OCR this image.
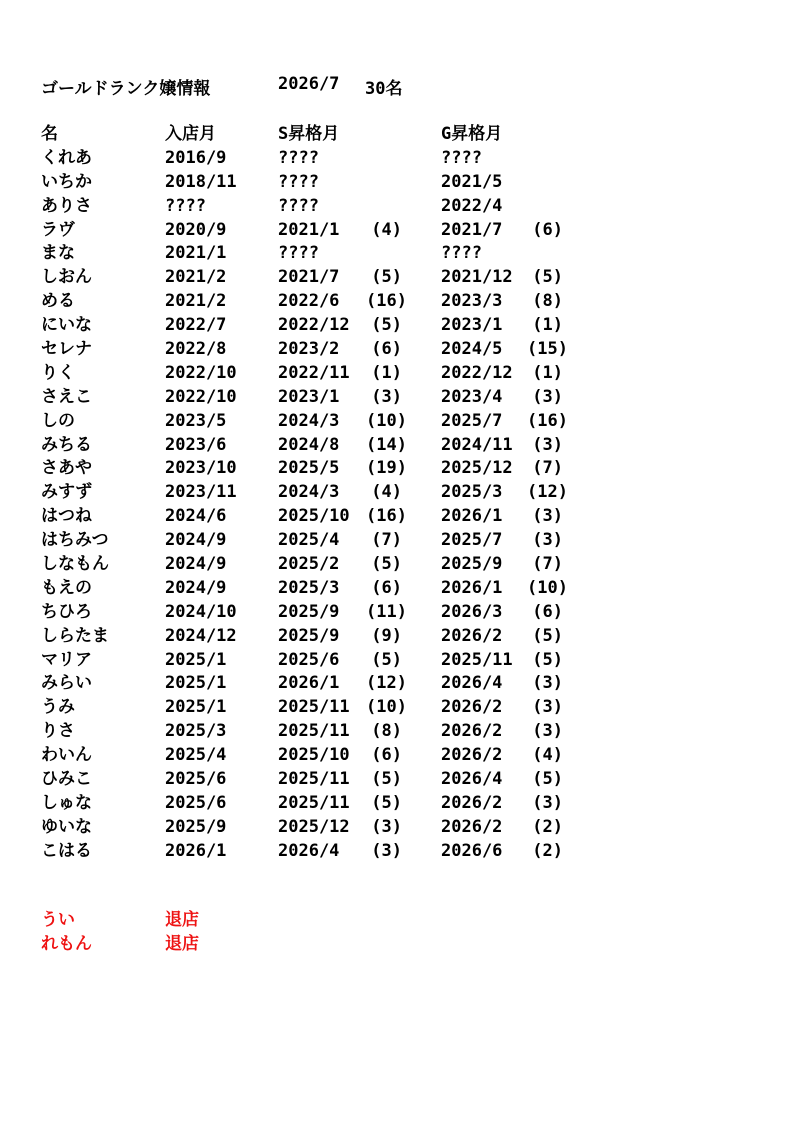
ゴールドランク嬢情報	2026/7 30名
名	入店月	S昇格月	G昇格月
くれあ	2016/9	????	????
いちか	2018/11 ????	2021/5
ありさ	????	????	2022/4
ラヴ	2020/9	2021/1	(4) 2021/7	(6)
まな	2021/1	????	????
しおん	2021/2	2021/7	(5) 2021/12	(5)
める	2021/2	2022/6 (16) 2023/3	(8)
にいな	2022/7	2022/12	(5) 2023/1	(1)
セレナ	2022/8	2023/2	(6) 2024/5 (15)
りく	2022/10 2022/11	(1) 2022/12	(1)
さえこ	2022/10 2023/1	(3) 2023/4	(3)
しの	2023/5	2024/3 (10) 2025/7 (16)
みちる	2023/6	2024/8 (14) 2024/11	(3)
さあや	2023/10 2025/5 (19) 2025/12	(7)
みすず	2023/11 2024/3	(4) 2025/3 (12)
はつね	2024/6	2025/10 (16) 2026/1	(3)
はちみつ	2024/9	2025/4	(7) 2025/7	(3)
しなもん	2024/9	2025/2	(5) 2025/9	(7)
もえの	2024/9	2025/3	(6) 2026/1 (10)
ちひろ	2024/10 2025/9 (11) 2026/3	(6)
しらたま	2024/12 2025/9	(9) 2026/2	(5)
マリア	2025/1	2025/6	(5) 2025/11	(5)
みらい	2025/1	2026/1 (12) 2026/4	(3)
うみ	2025/1	2025/11 (10) 2026/2	(3)
りさ	2025/3	2025/11	(8) 2026/2	(3)
わいん	2025/4	2025/10	(6) 2026/2	(4)
ひみこ	2025/6	2025/11	(5) 2026/4	(5)
しゅな	2025/6	2025/11	(5) 2026/2	(3)
ゆいな	2025/9	2025/12	(3) 2026/2	(2)
こはる	2026/1	2026/4	(3) 2026/6	(2)
うい	退店
れもん	退店
